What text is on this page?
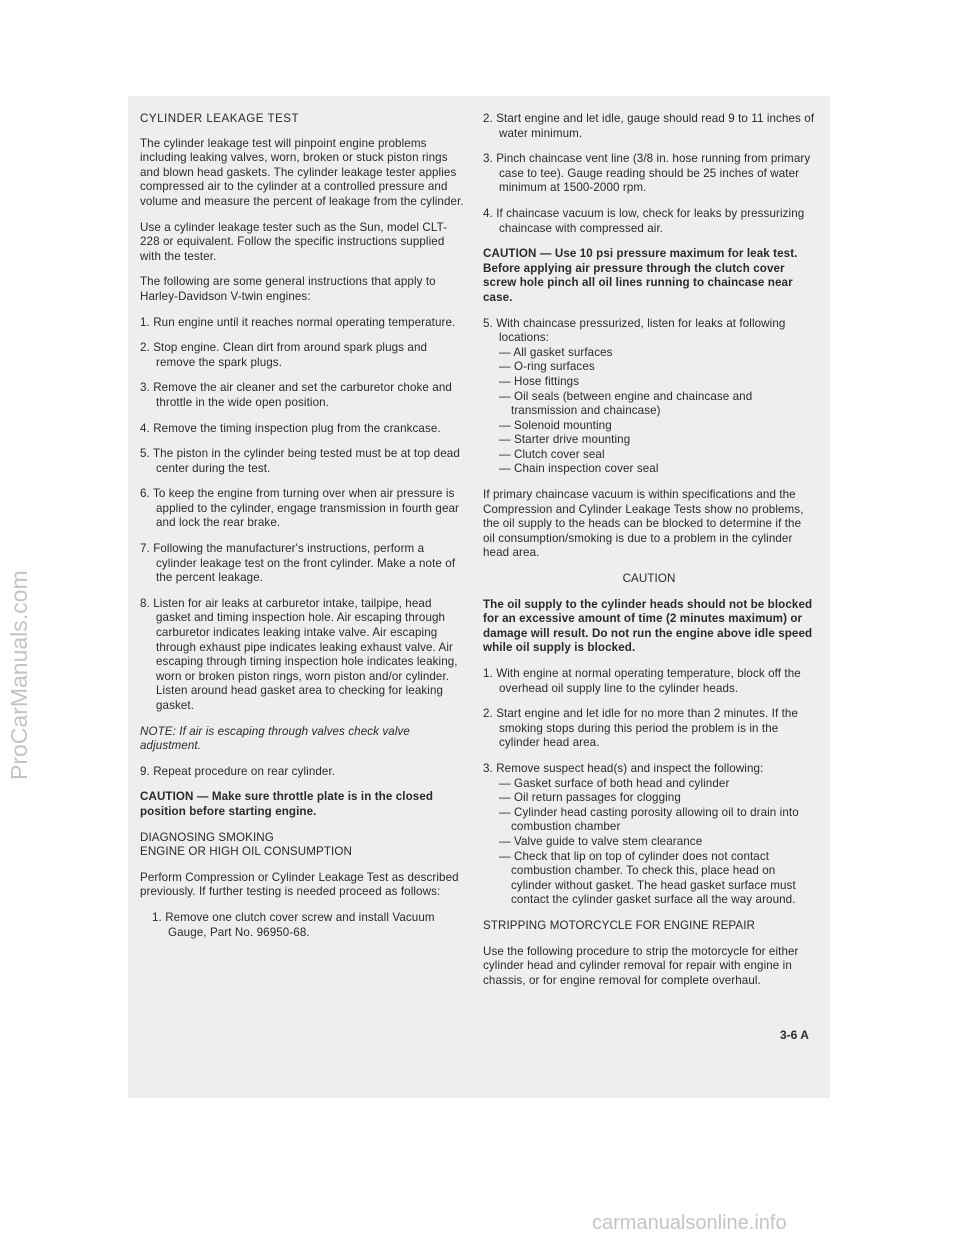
CYLINDER LEAKAGE TEST

The cylinder leakage test will pinpoint engine problems including leaking valves, worn, broken or stuck piston rings and blown head gaskets. The cylinder leakage tester applies compressed air to the cylinder at a controlled pressure and volume and measure the percent of leakage from the cylinder.

Use a cylinder leakage tester such as the Sun, model CLT-228 or equivalent. Follow the specific instructions supplied with the tester.

The following are some general instructions that apply to Harley-Davidson V-twin engines:

1. Run engine until it reaches normal operating temperature.

2. Stop engine. Clean dirt from around spark plugs and remove the spark plugs.

3. Remove the air cleaner and set the carburetor choke and throttle in the wide open position.

4. Remove the timing inspection plug from the crankcase.

5. The piston in the cylinder being tested must be at top dead center during the test.

6. To keep the engine from turning over when air pressure is applied to the cylinder, engage transmission in fourth gear and lock the rear brake.

7. Following the manufacturer's instructions, perform a cylinder leakage test on the front cylinder. Make a note of the percent leakage.

8. Listen for air leaks at carburetor intake, tailpipe, head gasket and timing inspection hole. Air escaping through carburetor indicates leaking intake valve. Air escaping through exhaust pipe indicates leaking exhaust valve. Air escaping through timing inspection hole indicates leaking, worn or broken piston rings, worn piston and/or cylinder. Listen around head gasket area to checking for leaking gasket.

NOTE: If air is escaping through valves check valve adjustment.

9. Repeat procedure on rear cylinder.

CAUTION — Make sure throttle plate is in the closed position before starting engine.

DIAGNOSING SMOKING
ENGINE OR HIGH OIL CONSUMPTION

Perform Compression or Cylinder Leakage Test as described previously. If further testing is needed proceed as follows:

1. Remove one clutch cover screw and install Vacuum Gauge, Part No. 96950-68.

2. Start engine and let idle, gauge should read 9 to 11 inches of water minimum.

3. Pinch chaincase vent line (3/8 in. hose running from primary case to tee). Gauge reading should be 25 inches of water minimum at 1500-2000 rpm.

4. If chaincase vacuum is low, check for leaks by pressurizing chaincase with compressed air.

CAUTION — Use 10 psi pressure maximum for leak test. Before applying air pressure through the clutch cover screw hole pinch all oil lines running to chaincase near case.

5. With chaincase pressurized, listen for leaks at following locations:

— All gasket surfaces
— O-ring surfaces
— Hose fittings
— Oil seals (between engine and chaincase and transmission and chaincase)
— Solenoid mounting
— Starter drive mounting
— Clutch cover seal
— Chain inspection cover seal

If primary chaincase vacuum is within specifications and the Compression and Cylinder Leakage Tests show no problems, the oil supply to the heads can be blocked to determine if the oil consumption/smoking is due to a problem in the cylinder head area.

CAUTION

The oil supply to the cylinder heads should not be blocked for an excessive amount of time (2 minutes maximum) or damage will result. Do not run the engine above idle speed while oil supply is blocked.

1. With engine at normal operating temperature, block off the overhead oil supply line to the cylinder heads.

2. Start engine and let idle for no more than 2 minutes. If the smoking stops during this period the problem is in the cylinder head area.

3. Remove suspect head(s) and inspect the following:

— Gasket surface of both head and cylinder
— Oil return passages for clogging
— Cylinder head casting porosity allowing oil to drain into combustion chamber
— Valve guide to valve stem clearance
— Check that lip on top of cylinder does not contact combustion chamber. To check this, place head on cylinder without gasket. The head gasket surface must contact the cylinder gasket surface all the way around.

STRIPPING MOTORCYCLE FOR ENGINE REPAIR

Use the following procedure to strip the motorcycle for either cylinder head and cylinder removal for repair with engine in chassis, or for engine removal for complete overhaul.

3-6 A
ProCarManuals.com
carmanualsonline.info
